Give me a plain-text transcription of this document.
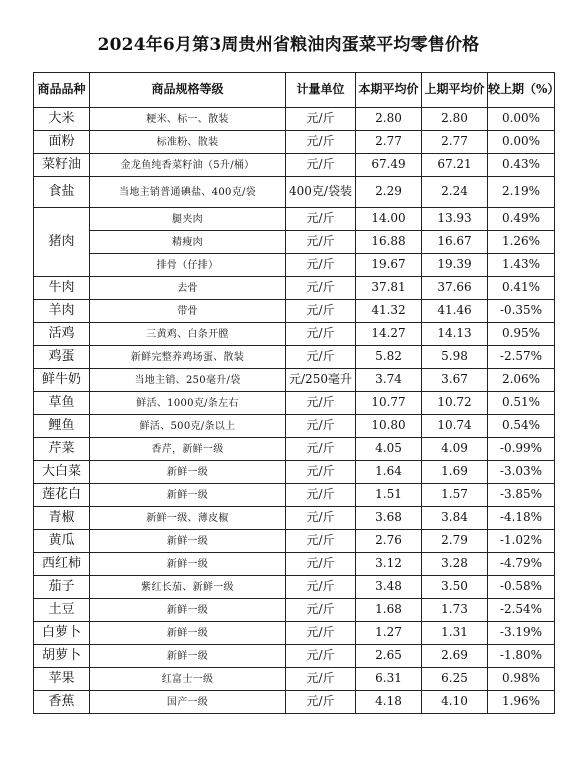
2024年6月第3周贵州省粮油肉蛋菜平均零售价格
商品品种	商品规格等级	计量单位	本期平均价	上期平均价	较上期（%）
大米	粳米、标一、散装	元/斤	2.80	2.80	0.00%
面粉	标准粉、散装	元/斤	2.77	2.77	0.00%
菜籽油	金龙鱼纯香菜籽油（5升/桶）	元/斤	67.49	67.21	0.43%
食盐	当地主销普通碘盐、400克/袋	400克/袋装	2.29	2.24	2.19%
猪肉	腿夹肉	元/斤	14.00	13.93	0.49%
	精瘦肉	元/斤	16.88	16.67	1.26%
	排骨（仔排）	元/斤	19.67	19.39	1.43%
牛肉	去骨	元/斤	37.81	37.66	0.41%
羊肉	带骨	元/斤	41.32	41.46	-0.35%
活鸡	三黄鸡、白条开膛	元/斤	14.27	14.13	0.95%
鸡蛋	新鲜完整养鸡场蛋、散装	元/斤	5.82	5.98	-2.57%
鲜牛奶	当地主销、250毫升/袋	元/250毫升	3.74	3.67	2.06%
草鱼	鲜活、1000克/条左右	元/斤	10.77	10.72	0.51%
鲤鱼	鲜活、500克/条以上	元/斤	10.80	10.74	0.54%
芹菜	香芹，新鲜一级	元/斤	4.05	4.09	-0.99%
大白菜	新鲜一级	元/斤	1.64	1.69	-3.03%
莲花白	新鲜一级	元/斤	1.51	1.57	-3.85%
青椒	新鲜一级、薄皮椒	元/斤	3.68	3.84	-4.18%
黄瓜	新鲜一级	元/斤	2.76	2.79	-1.02%
西红柿	新鲜一级	元/斤	3.12	3.28	-4.79%
茄子	紫红长茄、新鲜一级	元/斤	3.48	3.50	-0.58%
土豆	新鲜一级	元/斤	1.68	1.73	-2.54%
白萝卜	新鲜一级	元/斤	1.27	1.31	-3.19%
胡萝卜	新鲜一级	元/斤	2.65	2.69	-1.80%
苹果	红富士一级	元/斤	6.31	6.25	0.98%
香蕉	国产一级	元/斤	4.18	4.10	1.96%
